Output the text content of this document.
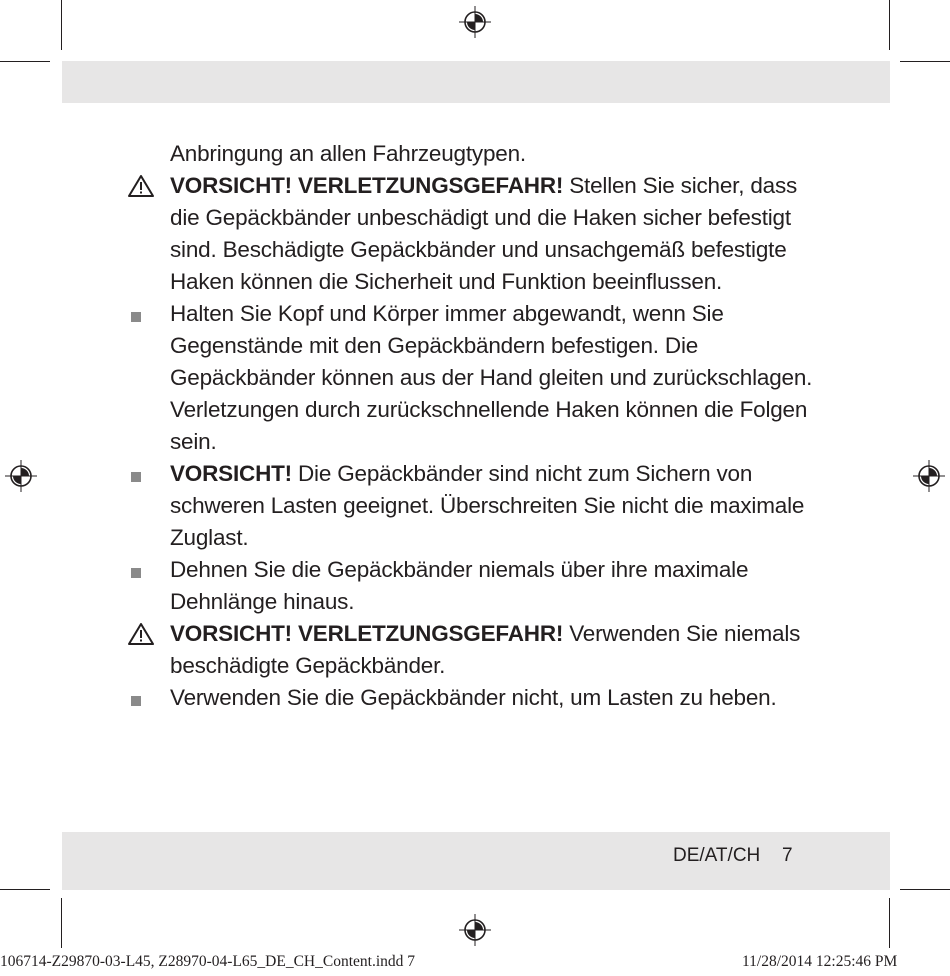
Anbringung an allen Fahrzeugtypen.

VORSICHT! VERLETZUNGSGEFAHR! Stellen Sie sicher, dass die Gepäckbänder unbeschädigt und die Haken sicher befestigt sind. Beschädigte Gepäckbänder und unsachgemäß befestigte Haken können die Sicherheit und Funktion beeinflussen.

Halten Sie Kopf und Körper immer abgewandt, wenn Sie Gegenstände mit den Gepäckbändern befestigen. Die Gepäckbänder können aus der Hand gleiten und zurückschlagen. Verletzungen durch zurückschnellende Haken können die Folgen sein.

VORSICHT! Die Gepäckbänder sind nicht zum Sichern von schweren Lasten geeignet. Überschreiten Sie nicht die maximale Zuglast.

Dehnen Sie die Gepäckbänder niemals über ihre maximale Dehnlänge hinaus.

VORSICHT! VERLETZUNGSGEFAHR! Verwenden Sie niemals beschädigte Gepäckbänder.

Verwenden Sie die Gepäckbänder nicht, um Lasten zu heben.

DE/AT/CH 7
106714-Z29870-03-L45, Z28970-04-L65_DE_CH_Content.indd 7	11/28/2014 12:25:46 PM
